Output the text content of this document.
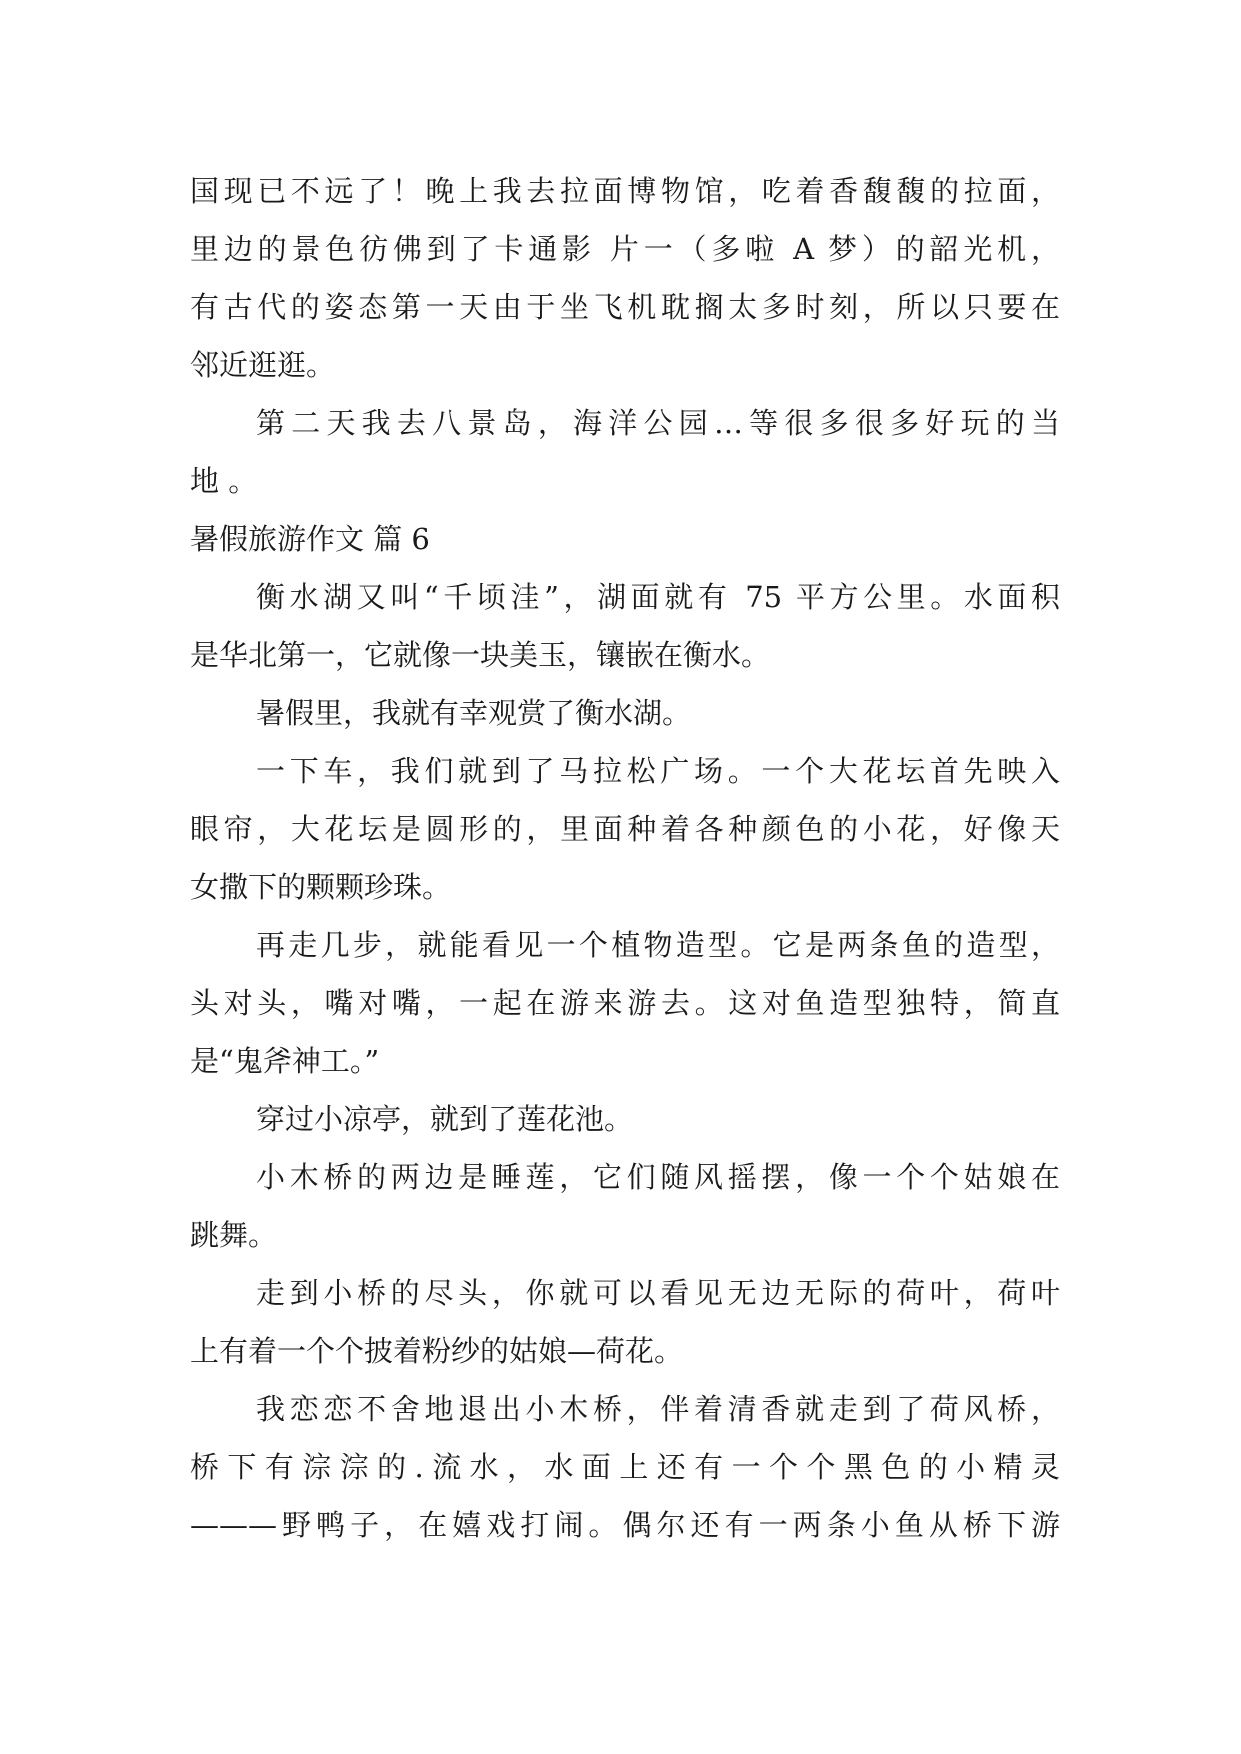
国现已不远了！晚上我去拉面博物馆，吃着香馥馥的拉面，
里边的景色彷佛到了卡通影 片一（多啦 A 梦）的韶光机，
有古代的姿态第一天由于坐飞机耽搁太多时刻，所以只要在
邻近逛逛。
第二天我去八景岛，海洋公园…等很多很多好玩的当
地 。
暑假旅游作文 篇 6
衡水湖又叫“千顷洼”，湖面就有 75 平方公里。水面积
是华北第一，它就像一块美玉，镶嵌在衡水。
暑假里，我就有幸观赏了衡水湖。
一下车，我们就到了马拉松广场。一个大花坛首先映入
眼帘，大花坛是圆形的，里面种着各种颜色的小花，好像天
女撒下的颗颗珍珠。
再走几步，就能看见一个植物造型。它是两条鱼的造型，
头对头，嘴对嘴，一起在游来游去。这对鱼造型独特，简直
是“鬼斧神工。”
穿过小凉亭，就到了莲花池。
小木桥的两边是睡莲，它们随风摇摆，像一个个姑娘在
跳舞。
走到小桥的尽头，你就可以看见无边无际的荷叶，荷叶
上有着一个个披着粉纱的姑娘—荷花。
我恋恋不舍地退出小木桥，伴着清香就走到了荷风桥，
桥下有淙淙的.流水，水面上还有一个个黑色的小精灵
———野鸭子，在嬉戏打闹。偶尔还有一两条小鱼从桥下游
